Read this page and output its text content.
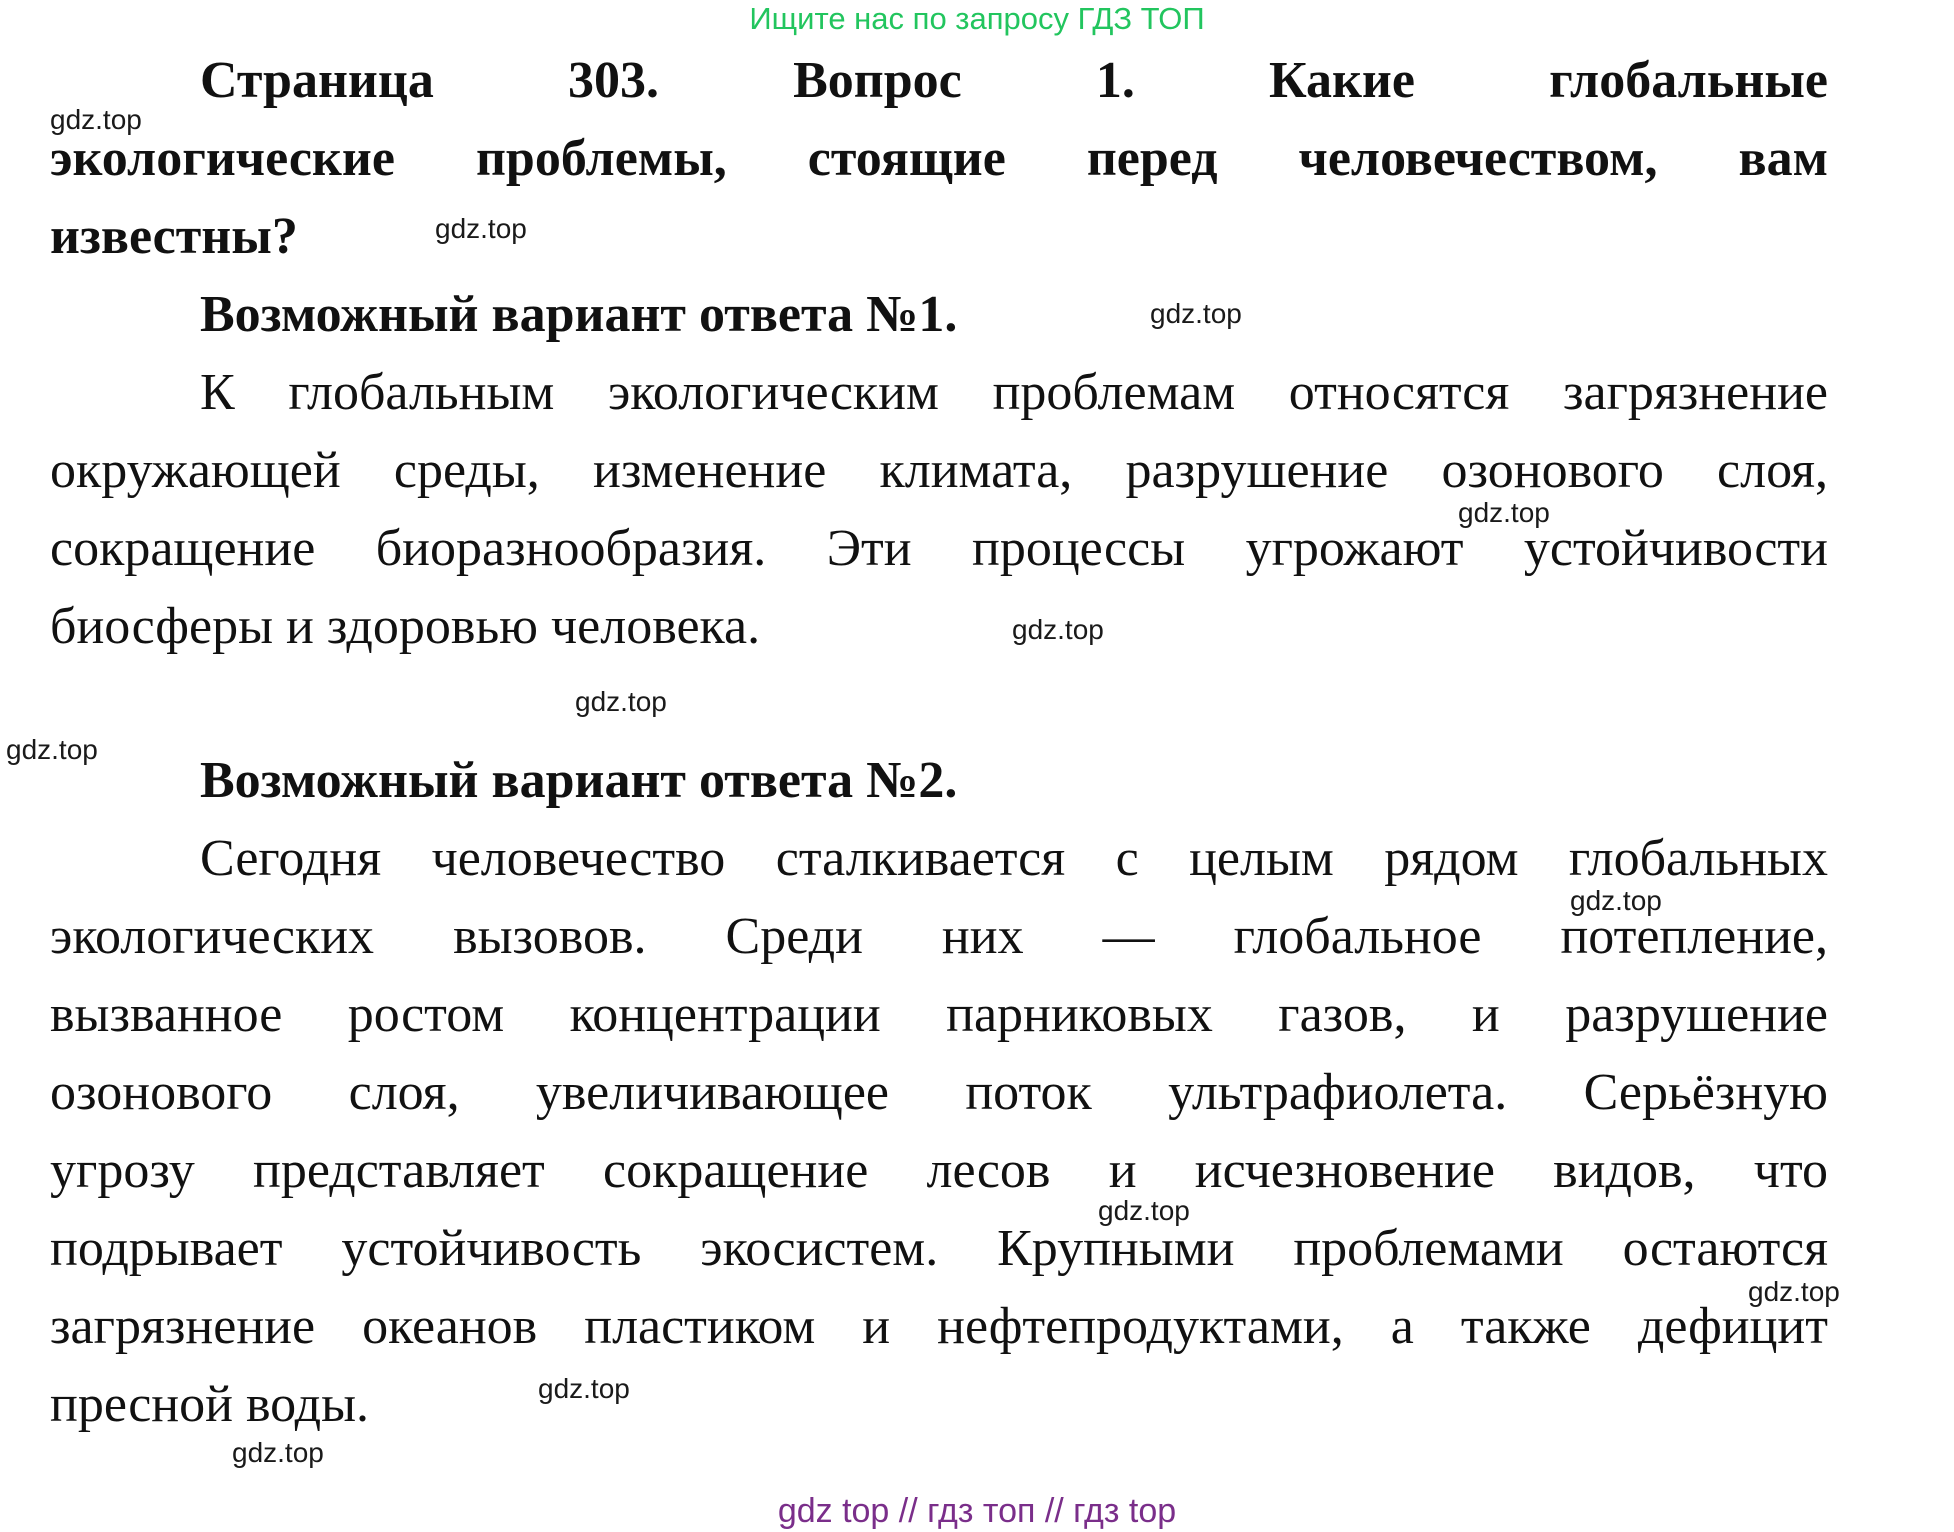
Ищите нас по запросу ГДЗ ТОП
Страница 303. Вопрос 1. Какие глобальные
экологические проблемы, стоящие перед человечеством, вам
известны?
Возможный вариант ответа №1.
К глобальным экологическим проблемам относятся загрязнение
окружающей среды, изменение климата, разрушение озонового слоя,
сокращение биоразнообразия. Эти процессы угрожают устойчивости
биосферы и здоровью человека.
Возможный вариант ответа №2.
Сегодня человечество сталкивается с целым рядом глобальных
экологических вызовов. Среди них — глобальное потепление,
вызванное ростом концентрации парниковых газов, и разрушение
озонового слоя, увеличивающее поток ультрафиолета. Серьёзную
угрозу представляет сокращение лесов и исчезновение видов, что
подрывает устойчивость экосистем. Крупными проблемами остаются
загрязнение океанов пластиком и нефтепродуктами, а также дефицит
пресной воды.
gdz.top
gdz.top
gdz.top
gdz.top
gdz.top
gdz.top
gdz.top
gdz.top
gdz.top
gdz.top
gdz.top
gdz.top
gdz top // гдз топ // гдз top
